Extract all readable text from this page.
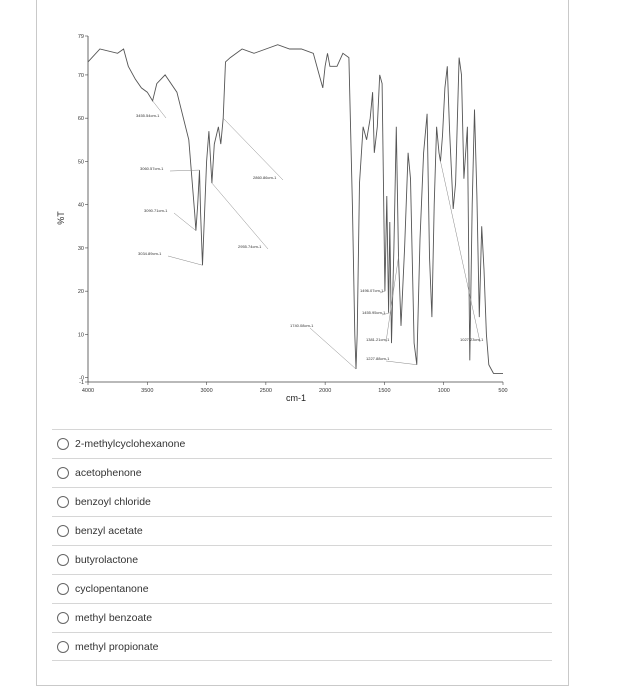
%T
cm-1
79
70
60
50
40
30
20
10
-0
-1
4000	3500	3000	2500	2000	1500	1000	500
3455.54cm-1
3060.57cm-1
3090.71cm-1
3034.89cm-1
2860.86cm-1
2955.74cm-1
1740.08cm-1
1496.07cm-1
1455.95cm-1
1381.21cm-1
1227.88cm-1
1027.23cm-1
2-methylcyclohexanone
acetophenone
benzoyl chloride
benzyl acetate
butyrolactone
cyclopentanone
methyl benzoate
methyl propionate
